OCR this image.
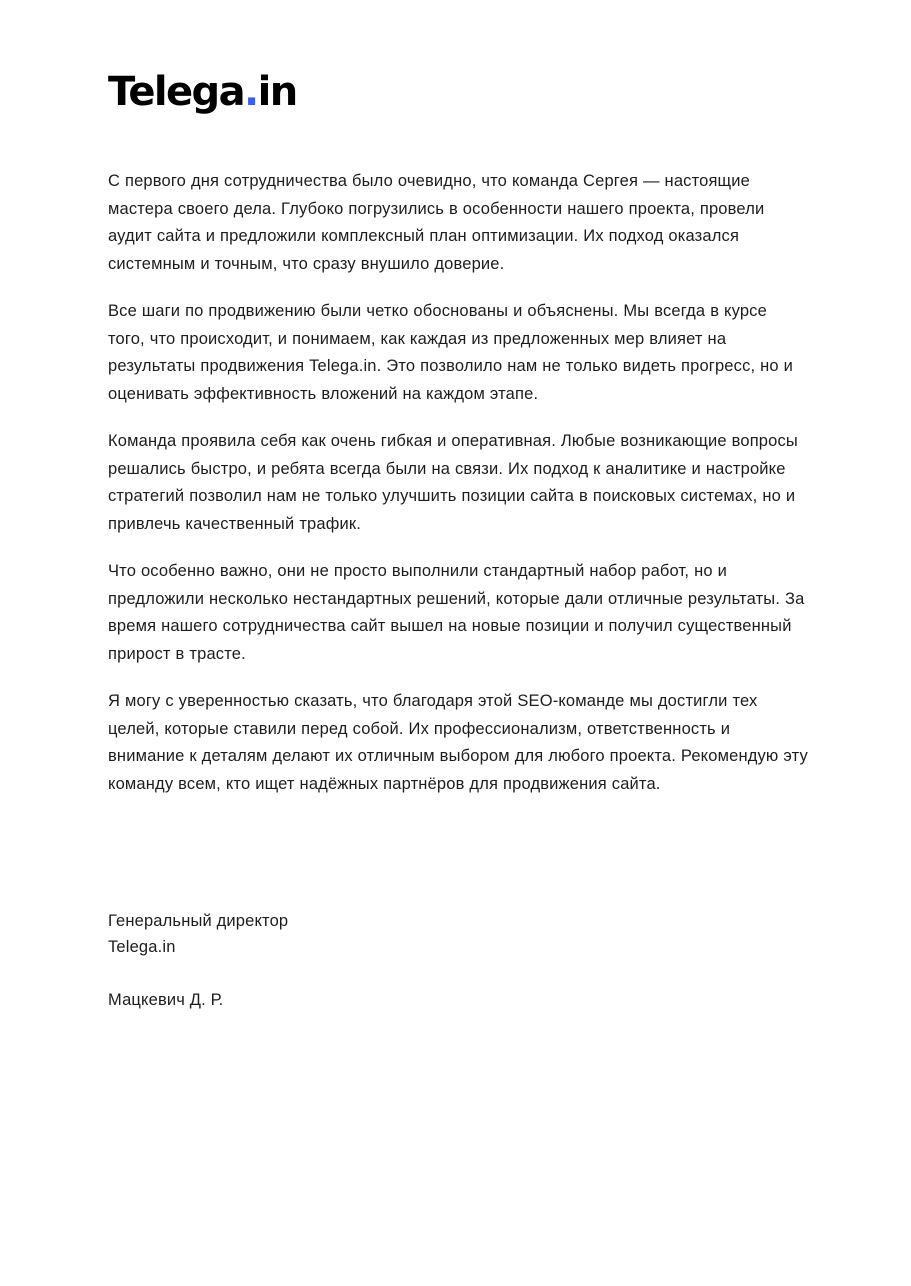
Telega.in

С первого дня сотрудничества было очевидно, что команда Сергея — настоящие мастера своего дела. Глубоко погрузились в особенности нашего проекта, провели аудит сайта и предложили комплексный план оптимизации. Их подход оказался системным и точным, что сразу внушило доверие.

Все шаги по продвижению были четко обоснованы и объяснены. Мы всегда в курсе того, что происходит, и понимаем, как каждая из предложенных мер влияет на результаты продвижения Telega.in. Это позволило нам не только видеть прогресс, но и оценивать эффективность вложений на каждом этапе.

Команда проявила себя как очень гибкая и оперативная. Любые возникающие вопросы решались быстро, и ребята всегда были на связи. Их подход к аналитике и настройке стратегий позволил нам не только улучшить позиции сайта в поисковых системах, но и привлечь качественный трафик.

Что особенно важно, они не просто выполнили стандартный набор работ, но и предложили несколько нестандартных решений, которые дали отличные результаты. За время нашего сотрудничества сайт вышел на новые позиции и получил существенный прирост в трасте.

Я могу с уверенностью сказать, что благодаря этой SEO-команде мы достигли тех целей, которые ставили перед собой. Их профессионализм, ответственность и внимание к деталям делают их отличным выбором для любого проекта. Рекомендую эту команду всем, кто ищет надёжных партнёров для продвижения сайта.

Генеральный директор

Telega.in

Мацкевич Д. Р.
